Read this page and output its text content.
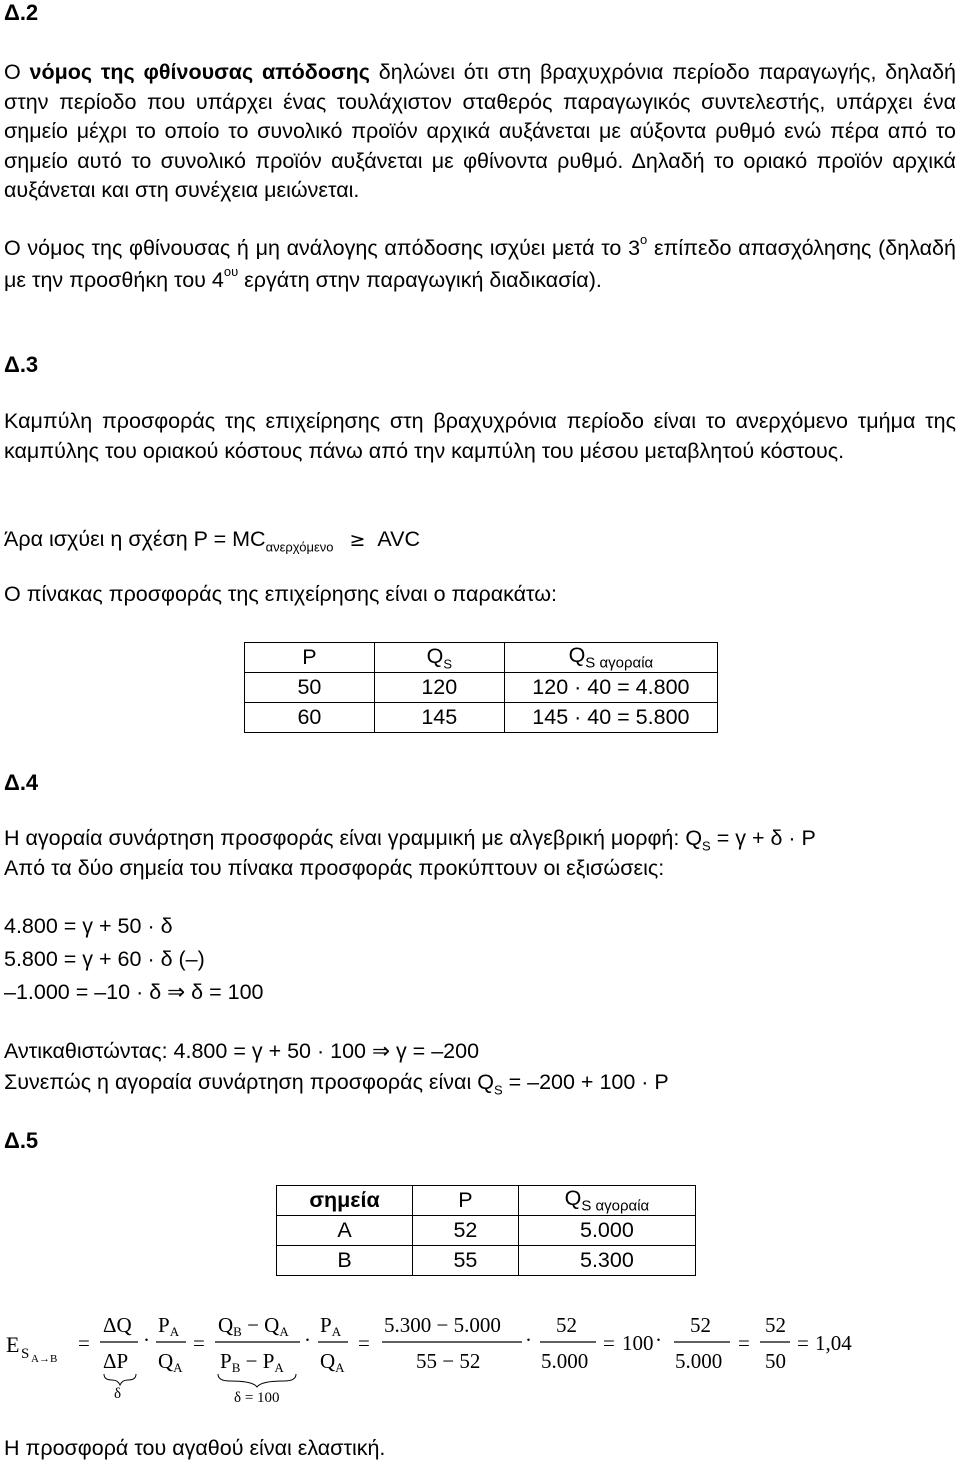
Δ.2
Ο νόμος της φθίνουσας απόδοσης δηλώνει ότι στη βραχυχρόνια περίοδο παραγωγής, δηλαδή στην περίοδο που υπάρχει ένας τουλάχιστον σταθερός παραγωγικός συντελεστής, υπάρχει ένα σημείο μέχρι το οποίο το συνολικό προϊόν αρχικά αυξάνεται με αύξοντα ρυθμό ενώ πέρα από το σημείο αυτό το συνολικό προϊόν αυξάνεται με φθίνοντα ρυθμό. Δηλαδή το οριακό προϊόν αρχικά αυξάνεται και στη συνέχεια μειώνεται.
Ο νόμος της φθίνουσας ή μη ανάλογης απόδοσης ισχύει μετά το $3^o$ επίπεδο απασχόλησης (δηλαδή με την προσθήκη του $4^{o\upsilon}$ εργάτη στην παραγωγική διαδικασία).
Δ.3
Καμπύλη προσφοράς της επιχείρησης στη βραχυχρόνια περίοδο είναι το ανερχόμενο τμήμα της καμπύλης του οριακού κόστους πάνω από την καμπύλη του μέσου μεταβλητού κόστους.
Άρα ισχύει η σχέση $P = MC_{\alpha\nu\varepsilon\rho\chi ό\mu\varepsilon\nu o}$ ≥ AVC
Ο πίνακας προσφοράς της επιχείρησης είναι ο παρακάτω:
P	$Q_S$	$Q_{S \alpha\gamma o\rho\alpha ί\alpha}$
50	120	120 · 40 = 4.800
60	145	145 · 40 = 5.800
Δ.4
Η αγοραία συνάρτηση προσφοράς είναι γραμμική με αλγεβρική μορφή: $Q_S = \gamma + \delta \cdot P$
Από τα δύο σημεία του πίνακα προσφοράς προκύπτουν οι εξισώσεις:
4.800 = γ + 50 · δ
5.800 = γ + 60 · δ (–)
–1.000 = –10 · δ ⇒ δ = 100
Αντικαθιστώντας: 4.800 = γ + 50 · 100 ⇒ γ = –200
Συνεπώς η αγοραία συνάρτηση προσφοράς είναι $Q_S = -200 + 100 \cdot P$
Δ.5
σημεία	P	$Q_{S \alpha\gamma o\rho\alpha ί\alpha}$
Α	52	5.000
Β	55	5.300
E S A→B
=
ΔQ
ΔP
δ
·
PA
QA
=
QB − QA
PB − PA
δ = 100
·
PA
QA
=
5.300 − 5.000
55 − 52
·
52
5.000
= 100 ·
52
5.000
=
52
50
= 1,04
Η προσφορά του αγαθού είναι ελαστική.
